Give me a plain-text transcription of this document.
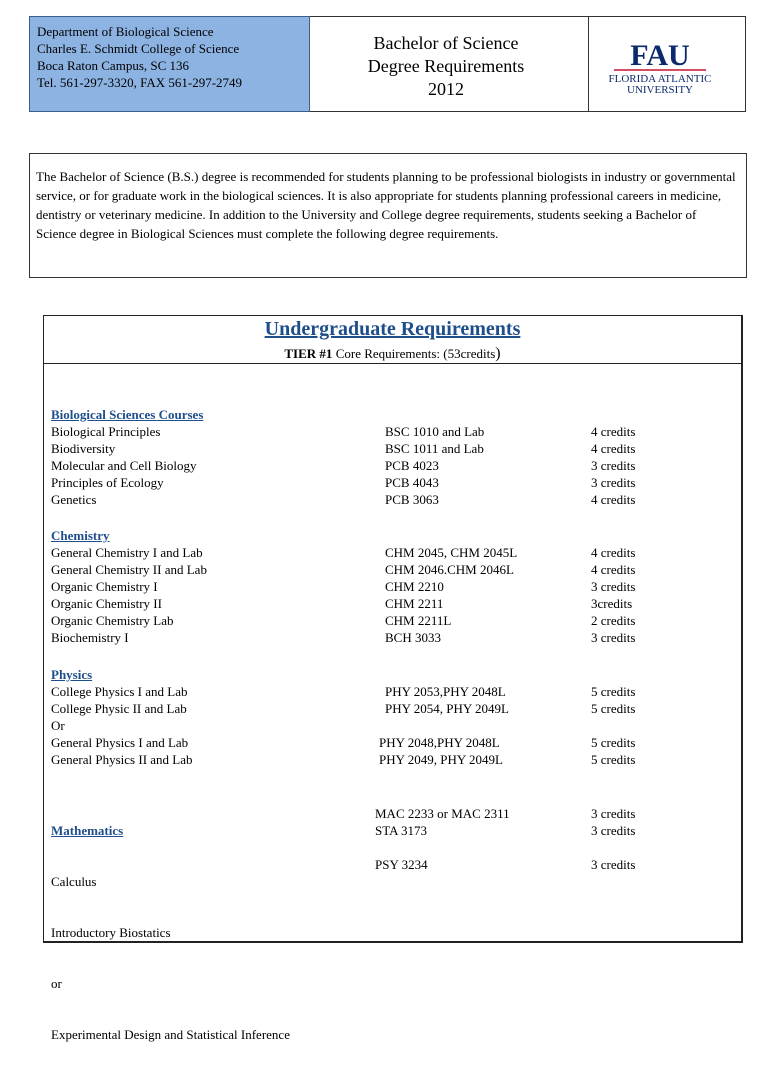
Department of Biological Science
Charles E. Schmidt College of Science
Boca Raton Campus, SC 136
Tel. 561-297-3320, FAX 561-297-2749
Bachelor of Science
Degree Requirements
2012
FAU
FLORIDA ATLANTIC
UNIVERSITY

The Bachelor of Science (B.S.) degree is recommended for students planning to be professional biologists in industry or governmental service, or for graduate work in the biological sciences. It is also appropriate for students planning professional careers in medicine, dentistry or veterinary medicine. In addition to the University and College degree requirements, students seeking a Bachelor of Science degree in Biological Sciences must complete the following degree requirements.

Undergraduate Requirements
TIER #1 Core Requirements: (53credits)
Biological Sciences Courses
Biological Principles
Biodiversity
Molecular and Cell Biology
Principles of Ecology
Genetics
BSC 1010 and Lab
BSC 1011 and Lab
PCB 4023
PCB 4043
PCB 3063
4 credits
4 credits
3 credits
3 credits
4 credits
Chemistry
General Chemistry I and Lab
General Chemistry II and Lab
Organic Chemistry I
Organic Chemistry II
Organic Chemistry Lab
Biochemistry I
CHM 2045, CHM 2045L
CHM 2046.CHM 2046L
CHM 2210
CHM 2211
CHM 2211L
BCH 3033
4 credits
4 credits
3 credits
3credits
2 credits
3 credits
Physics
College Physics I and Lab
College Physic II and Lab
Or
General Physics I and Lab
General Physics II and Lab
PHY 2053,PHY 2048L
PHY 2054, PHY 2049L
5 credits
5 credits
PHY 2048,PHY 2048L
PHY 2049, PHY 2049L
5 credits
5 credits

Mathematics

Calculus

Introductory Biostatics

or

Experimental Design and Statistical Inference

MAC 2233 or MAC 2311
STA 3173
3 credits
3 credits
PSY 3234	3 credits
